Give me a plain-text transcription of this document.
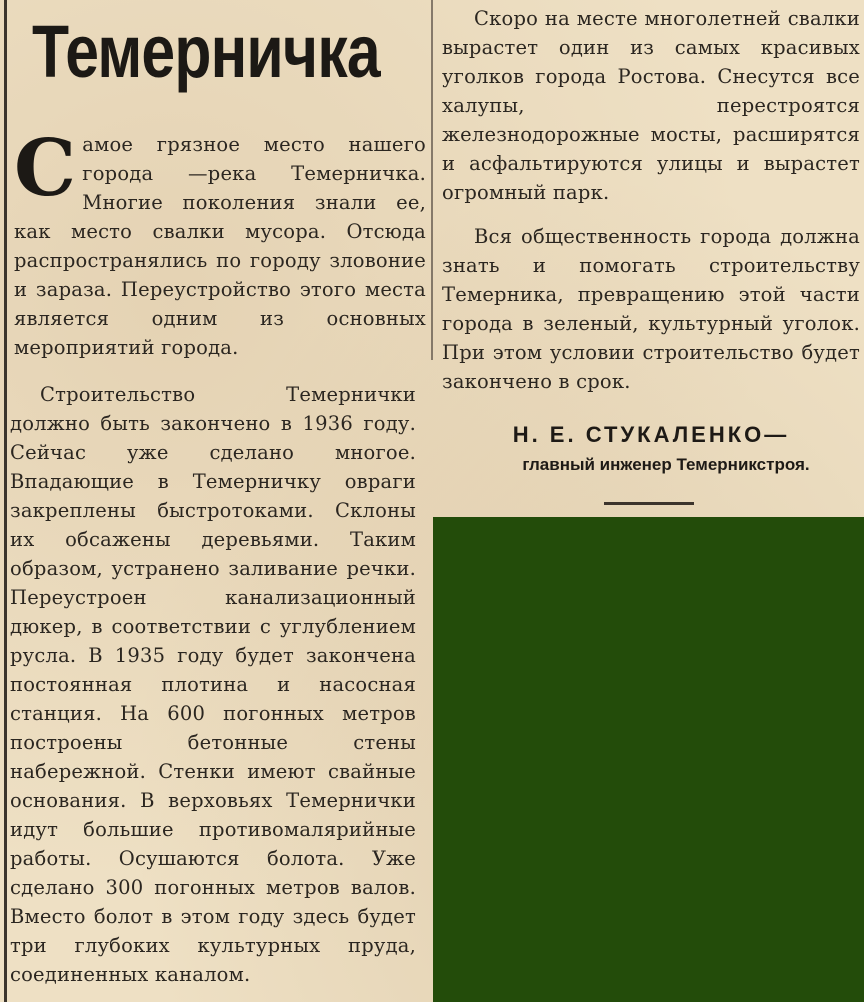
Темерничка

Самое грязное место нашего города —река Темерничка. Многие поколения знали ее, как место свалки мусора. Отсюда распространялись по городу зловоние и зараза. Переустройство этого места является одним из основных мероприятий города.

Строительство Темернички должно быть закончено в 1936 году. Сейчас уже сделано многое. Впадающие в Темерничку овраги закреплены быстротоками. Склоны их обсажены деревьями. Таким образом, устранено заливание речки. Переустроен канализационный дюкер, в соответствии с углублением русла. В 1935 году будет закончена постоянная плотина и насосная станция. На 600 погонных метров построены бетонные стены набережной. Стенки имеют свайные основания. В верховьях Темернички идут большие противомалярийные работы. Осушаются болота. Уже сделано 300 погонных метров валов. Вместо болот в этом году здесь будет три глубоких культурных пруда, соединенных каналом.

Скоро на месте многолетней свалки вырастет один из самых красивых уголков города Ростова. Снесутся все халупы, перестроятся железнодорожные мосты, расширятся и асфальтируются улицы и вырастет огромный парк.

Вся общественность города должна знать и помогать строительству Темерника, превращению этой части города в зеленый, культурный уголок. При этом условии строительство будет закончено в срок.

Н. Е. СТУКАЛЕНКО—
главный инженер Темерникстроя.
